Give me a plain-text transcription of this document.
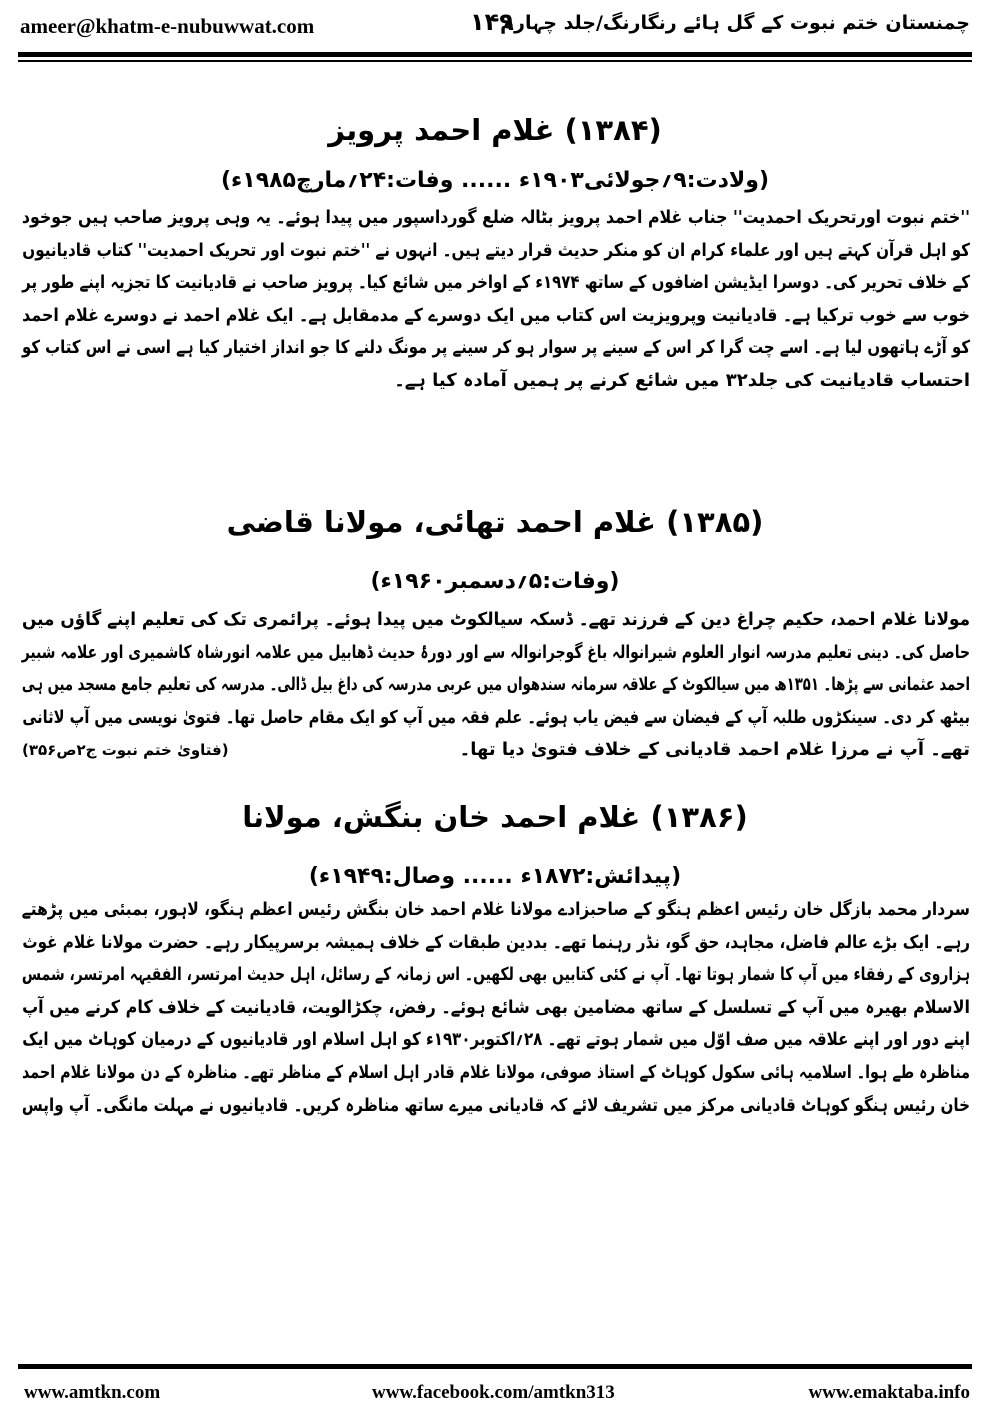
ameer@khatm-e-nubuwwat.com	۱۴۹
چمنستان ختم نبوت کے گل ہائے رنگارنگ/جلد چہارم
(۱۳۸۴) غلام احمد پرویز
(ولادت:۹؍جولائی۱۹۰۳ء ...... وفات:۲۴؍مارچ۱۹۸۵ء)
''ختم نبوت اورتحریک احمدیت'' جناب غلام احمد پرویز بٹالہ ضلع گورداسپور میں پیدا ہوئے۔ یہ وہی پرویز صاحب ہیں جوخود
کو اہل قرآن کہتے ہیں اور علماء کرام ان کو منکر حدیث قرار دیتے ہیں۔ انہوں نے ''ختم نبوت اور تحریک احمدیت'' کتاب قادیانیوں
کے خلاف تحریر کی۔ دوسرا ایڈیشن اضافوں کے ساتھ ۱۹۷۴ء کے اواخر میں شائع کیا۔ پرویز صاحب نے قادیانیت کا تجزیہ اپنے طور پر
خوب سے خوب ترکیا ہے۔ قادیانیت وپرویزیت اس کتاب میں ایک دوسرے کے مدمقابل ہے۔ ایک غلام احمد نے دوسرے غلام احمد
کو آڑے ہاتھوں لیا ہے۔ اسے چت گرا کر اس کے سینے پر سوار ہو کر سینے پر مونگ دلنے کا جو انداز اختیار کیا ہے اسی نے اس کتاب کو
احتساب قادیانیت کی جلد۳۲ میں شائع کرنے پر ہمیں آمادہ کیا ہے۔
(۱۳۸۵) غلام احمد تھائی، مولانا قاضی
(وفات:۵؍دسمبر۱۹۶۰ء)
مولانا غلام احمد، حکیم چراغ دین کے فرزند تھے۔ ڈسکہ سیالکوٹ میں پیدا ہوئے۔ پرائمری تک کی تعلیم اپنے گاؤں میں
حاصل کی۔ دینی تعلیم مدرسہ انوار العلوم شیرانوالہ باغ گوجرانوالہ سے اور دورۂ حدیث ڈھابیل میں علامہ انورشاہ کاشمیری اور علامہ شبیر
احمد عثمانی سے پڑھا۔ ۱۳۵۱ھ میں سیالکوٹ کے علاقہ سرمانہ سندھواں میں عربی مدرسہ کی داغ بیل ڈالی۔ مدرسہ کی تعلیم جامع مسجد میں ہی
بیٹھ کر دی۔ سینکڑوں طلبہ آپ کے فیضان سے فیض یاب ہوئے۔ علم فقہ میں آپ کو ایک مقام حاصل تھا۔ فتویٰ نویسی میں آپ لاثانی
تھے۔ آپ نے مرزا غلام احمد قادیانی کے خلاف فتویٰ دیا تھا۔
(فتاویٰ ختم نبوت ج۲ص۳۵۶)
(۱۳۸۶) غلام احمد خان بنگش، مولانا
(پیدائش:۱۸۷۲ء ...... وصال:۱۹۴۹ء)
سردار محمد بازگل خان رئیس اعظم ہنگو کے صاحبزادے مولانا غلام احمد خان بنگش رئیس اعظم ہنگو، لاہور، بمبئی میں پڑھتے
رہے۔ ایک بڑے عالم فاضل، مجاہد، حق گو، نڈر رہنما تھے۔ بددین طبقات کے خلاف ہمیشہ برسرپیکار رہے۔ حضرت مولانا غلام غوث
ہزاروی کے رفقاء میں آپ کا شمار ہوتا تھا۔ آپ نے کئی کتابیں بھی لکھیں۔ اس زمانہ کے رسائل، اہل حدیث امرتسر، الفقیہہ امرتسر، شمس
الاسلام بھیرہ میں آپ کے تسلسل کے ساتھ مضامین بھی شائع ہوئے۔ رفض، چکڑالویت، قادیانیت کے خلاف کام کرنے میں آپ
اپنے دور اور اپنے علاقہ میں صف اوّل میں شمار ہوتے تھے۔ ۲۸؍اکتوبر۱۹۳۰ء کو اہل اسلام اور قادیانیوں کے درمیان کوہاٹ میں ایک
مناظرہ طے ہوا۔ اسلامیہ ہائی سکول کوہاٹ کے استاذ صوفی، مولانا غلام قادر اہل اسلام کے مناظر تھے۔ مناظرہ کے دن مولانا غلام احمد
خان رئیس ہنگو کوہاٹ قادیانی مرکز میں تشریف لائے کہ قادیانی میرے ساتھ مناظرہ کریں۔ قادیانیوں نے مہلت مانگی۔ آپ واپس
www.amtkn.com	www.facebook.com/amtkn313	www.emaktaba.info
